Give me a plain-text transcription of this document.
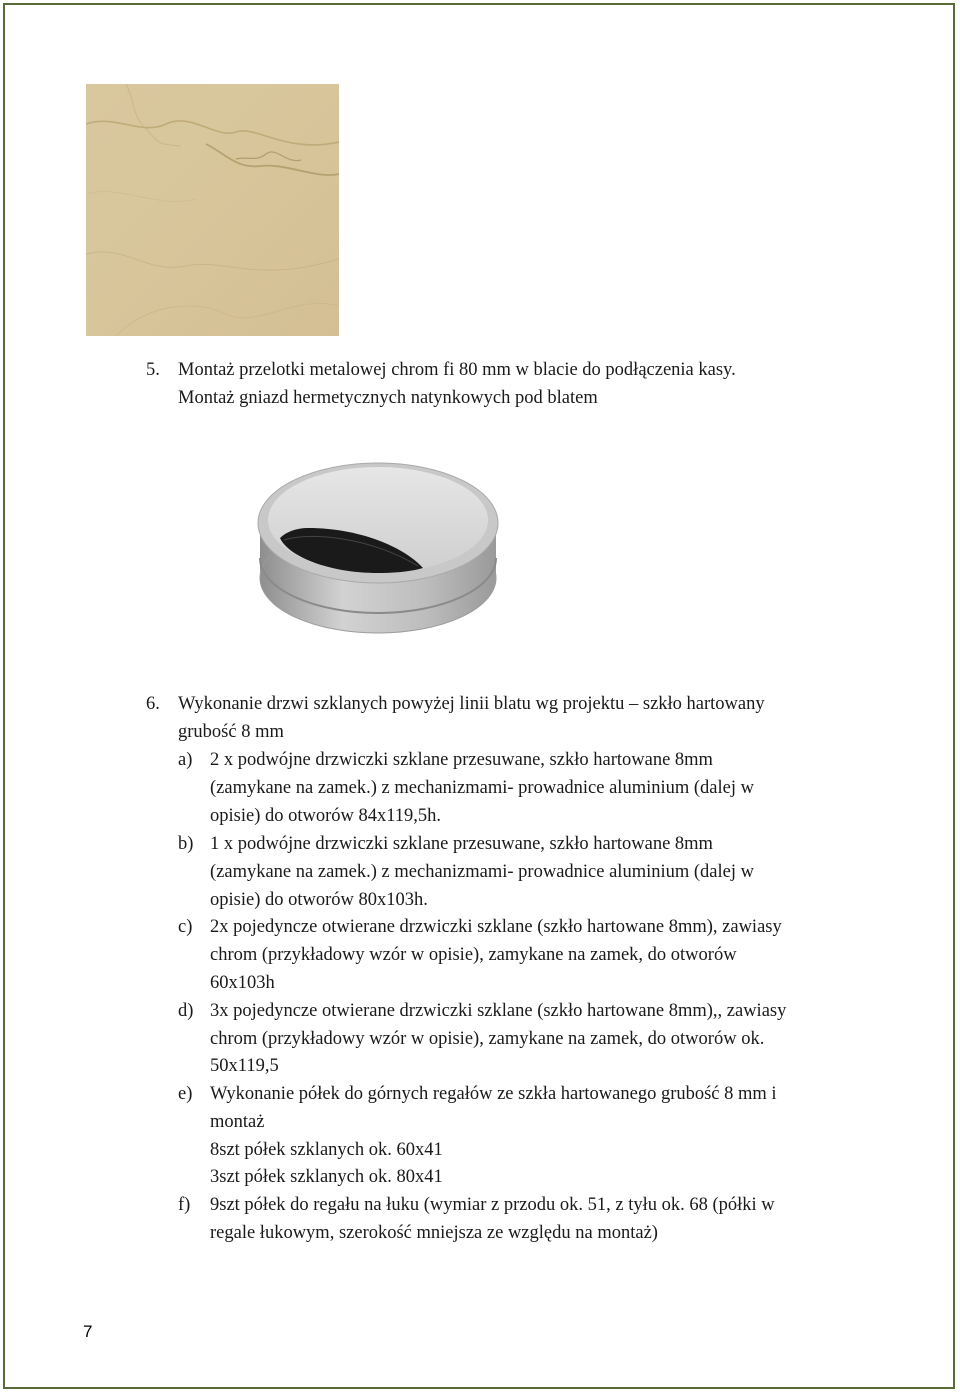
5. Montaż przelotki metalowej chrom fi 80 mm w blacie do podłączenia kasy.
Montaż gniazd hermetycznych natynkowych pod blatem
6. Wykonanie drzwi szklanych powyżej linii blatu wg projektu – szkło hartowany
grubość 8 mm
a) 2 x podwójne drzwiczki szklane przesuwane, szkło hartowane 8mm
(zamykane na zamek.) z mechanizmami- prowadnice aluminium (dalej w
opisie) do otworów 84x119,5h.
b) 1 x podwójne drzwiczki szklane przesuwane, szkło hartowane 8mm
(zamykane na zamek.) z mechanizmami- prowadnice aluminium (dalej w
opisie) do otworów 80x103h.
c) 2x pojedyncze otwierane drzwiczki szklane (szkło hartowane 8mm), zawiasy
chrom (przykładowy wzór w opisie), zamykane na zamek, do otworów
60x103h
d) 3x pojedyncze otwierane drzwiczki szklane (szkło hartowane 8mm),, zawiasy
chrom (przykładowy wzór w opisie), zamykane na zamek, do otworów ok.
50x119,5
e) Wykonanie półek do górnych regałów ze szkła hartowanego grubość 8 mm i
montaż
8szt półek szklanych ok. 60x41
3szt półek szklanych ok. 80x41
f) 9szt półek do regału na łuku (wymiar z przodu ok. 51, z tyłu ok. 68 (półki w
regale łukowym, szerokość mniejsza ze względu na montaż)
7
